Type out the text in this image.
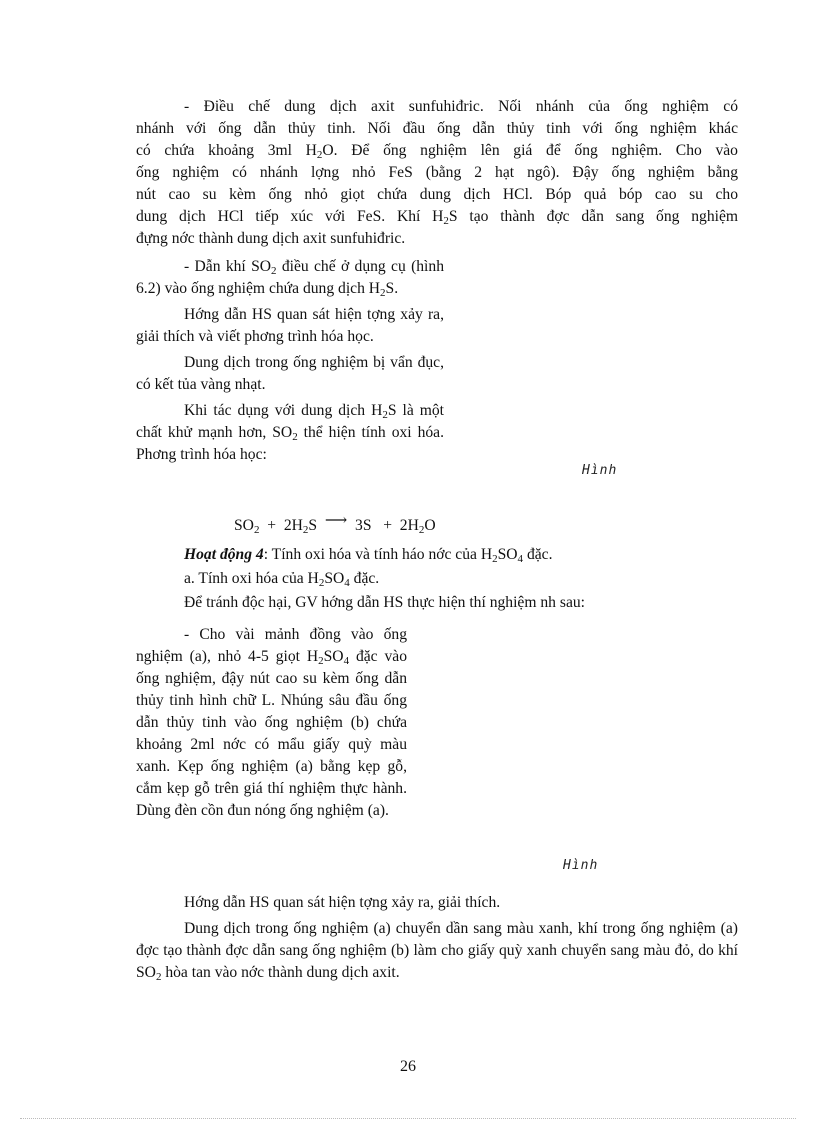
- Điều chế dung dịch axit sunfuhiđric. Nối nhánh của ống nghiệm có

nhánh với ống dẫn thủy tinh. Nối đầu ống dẫn thủy tinh với ống nghiệm khác

có chứa khoảng 3ml $H_2O$. Để ống nghiệm lên giá để ống nghiệm. Cho vào

ống nghiệm có nhánh lợng nhỏ FeS (bằng 2 hạt ngô). Đậy ống nghiệm bằng

nút cao su kèm ống nhỏ giọt chứa dung dịch HCl. Bóp quả bóp cao su cho

dung dịch HCl tiếp xúc với FeS. Khí $H_2S$ tạo thành đợc dẫn sang ống nghiệm

đựng nớc thành dung dịch axit sunfuhiđric.

- Dẫn khí $SO_2$ điều chế ở dụng cụ (hình 6.2) vào ống nghiệm chứa dung dịch $H_2S$.

Hớng dẫn HS quan sát hiện tợng xảy ra, giải thích và viết phơng trình hóa học.

Dung dịch trong ống nghiệm bị vẩn đục, có kết tủa vàng nhạt.

Khi tác dụng với dung dịch $H_2S$ là một chất khử mạnh hơn, $SO_2$ thể hiện tính oxi hóa. Phơng trình hóa học:

Hình
$SO_2 + 2H_2S$  ⟶  $3S + 2H_2O$

Hoạt động 4: Tính oxi hóa và tính háo nớc của $H_2SO_4$ đặc.

a. Tính oxi hóa của $H_2SO_4$ đặc.

Để tránh độc hại, GV hớng dẫn HS thực hiện thí nghiệm nh sau:

- Cho vài mảnh đồng vào ống nghiệm (a), nhỏ 4-5 giọt $H_2SO_4$ đặc vào ống nghiệm, đậy nút cao su kèm ống dẫn thủy tinh hình chữ L. Nhúng sâu đầu ống dẫn thủy tinh vào ống nghiệm (b) chứa khoảng 2ml nớc có mẩu giấy quỳ màu xanh. Kẹp ống nghiệm (a) bằng kẹp gỗ, cắm kẹp gỗ trên giá thí nghiệm thực hành. Dùng đèn cồn đun nóng ống nghiệm (a).

Hình

Hớng dẫn HS quan sát hiện tợng xảy ra, giải thích.

Dung dịch trong ống nghiệm (a) chuyển dần sang màu xanh, khí trong ống nghiệm (a) đợc tạo thành đợc dẫn sang ống nghiệm (b) làm cho giấy quỳ xanh chuyển sang màu đỏ, do khí $SO_2$ hòa tan vào nớc thành dung dịch axit.

26
